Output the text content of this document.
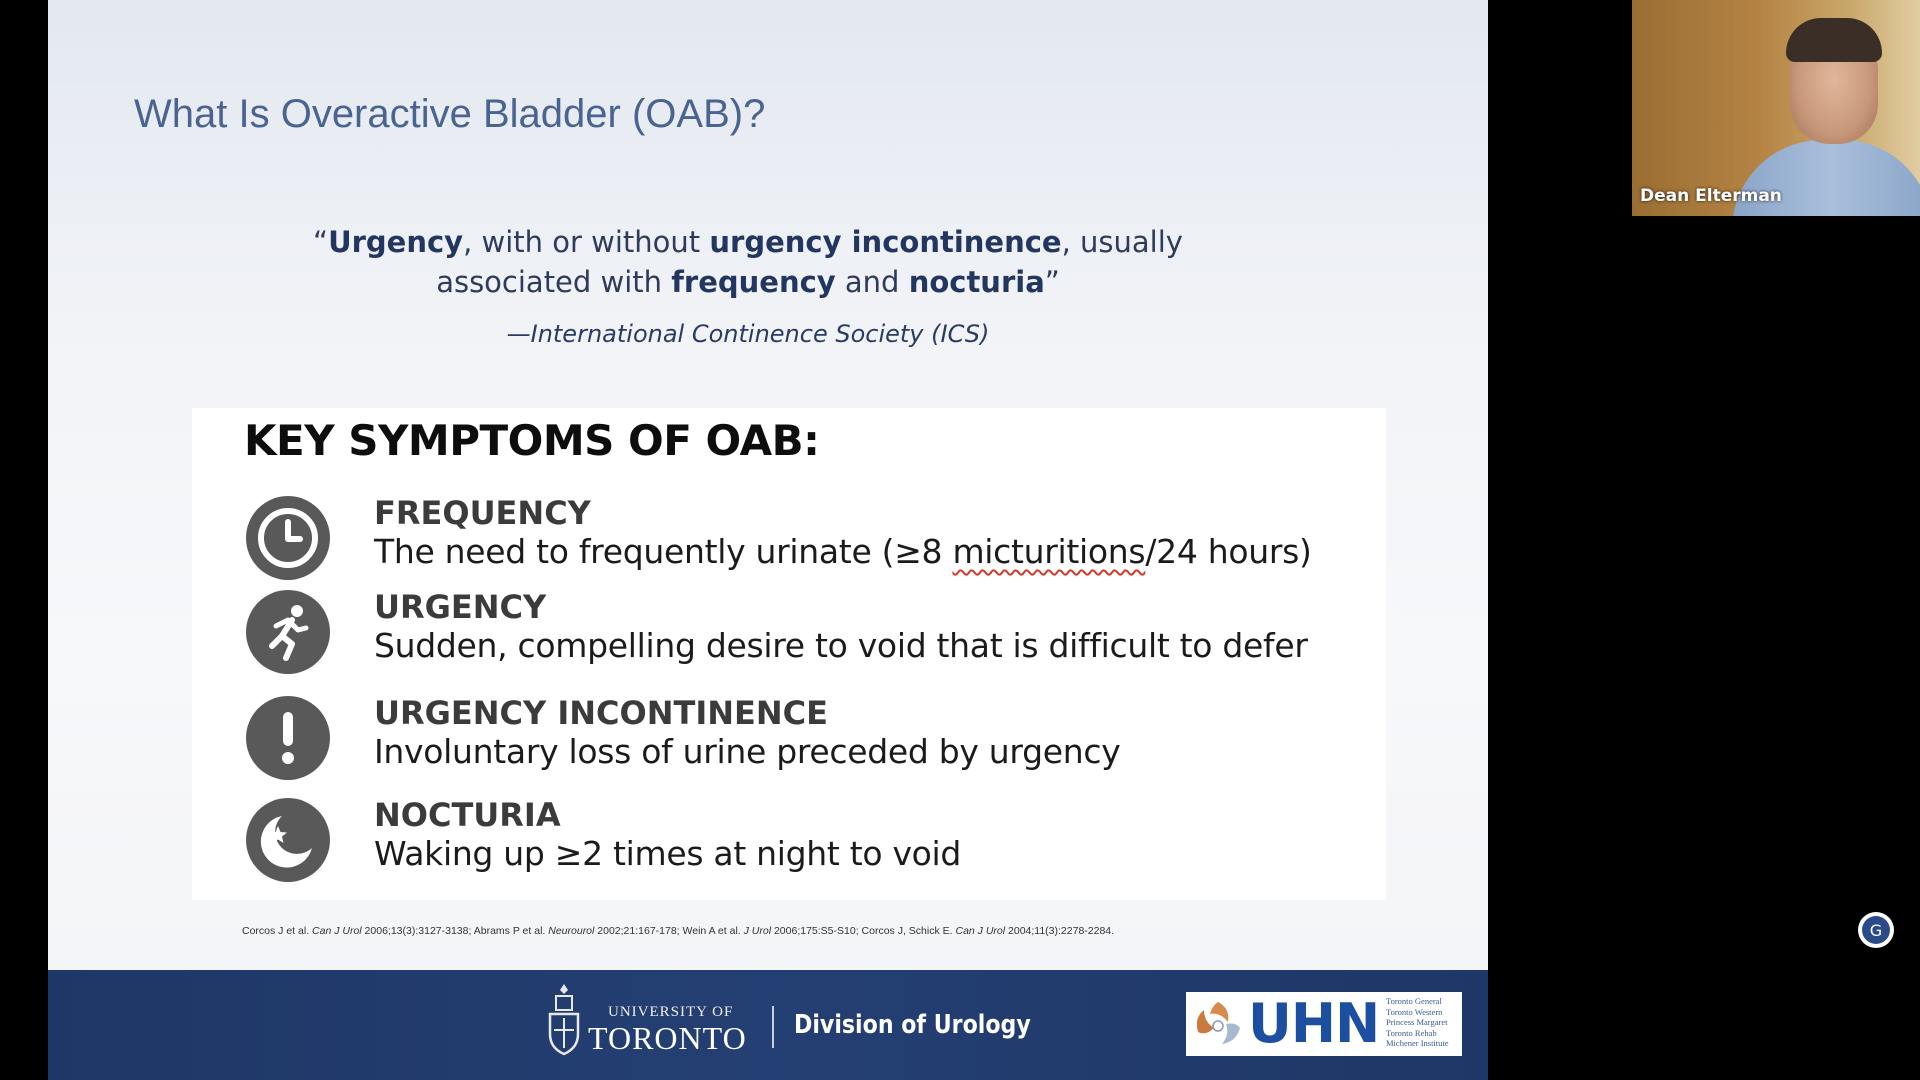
What Is Overactive Bladder (OAB)?
“Urgency, with or without urgency incontinence, usually
associated with frequency and nocturia”
—International Continence Society (ICS)
KEY SYMPTOMS OF OAB:
FREQUENCY
The need to frequently urinate (≥8 micturitions/24 hours)
URGENCY
Sudden, compelling desire to void that is difficult to defer
URGENCY INCONTINENCE
Involuntary loss of urine preceded by urgency
NOCTURIA
Waking up ≥2 times at night to void
Corcos J et al. Can J Urol 2006;13(3):3127-3138; Abrams P et al. Neurourol 2002;21:167-178; Wein A et al. J Urol 2006;175:S5-S10; Corcos J, Schick E. Can J Urol 2004;11(3):2278-2284.
UNIVERSITY OF
TORONTO Division of Urology	UHN Toronto General
Toronto Western
Princess Margaret
Toronto Rehab
Michener Institute
Dean Elterman
G
